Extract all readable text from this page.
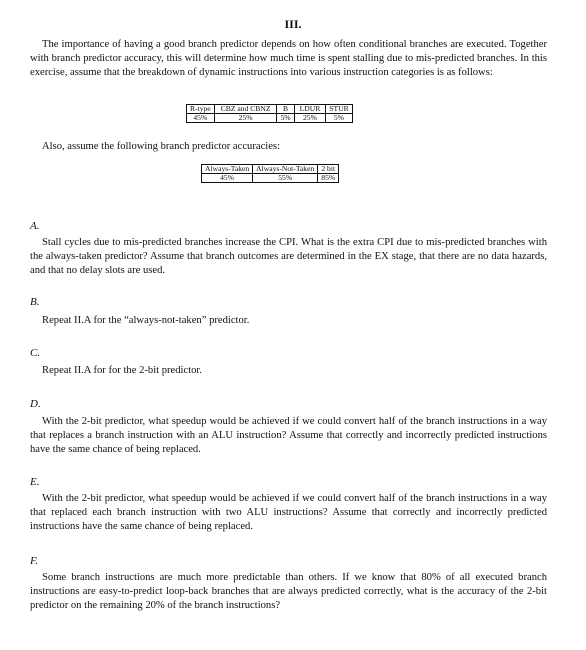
III.
The importance of having a good branch predictor depends on how often conditional branches are executed. Together with branch predictor accuracy, this will determine how much time is spent stalling due to mis-predicted branches. In this exercise, assume that the breakdown of dynamic instructions into various instruction categories is as follows:
R-type	CBZ and CBNZ	B	LDUR	STUR
45%	25%	5%	25%	5%
Also, assume the following branch predictor accuracies:
Always-Taken	Always-Not-Taken	2 bit
45%	55%	85%
A.
Stall cycles due to mis-predicted branches increase the CPI. What is the extra CPI due to mis-predicted branches with the always-taken predictor? Assume that branch outcomes are determined in the EX stage, that there are no data hazards, and that no delay slots are used.
B.
Repeat II.A for the “always-not-taken” predictor.
C.
Repeat II.A for for the 2-bit predictor.
D.
With the 2-bit predictor, what speedup would be achieved if we could convert half of the branch instructions in a way that replaces a branch instruction with an ALU instruction? Assume that correctly and incorrectly predicted instructions have the same chance of being replaced.
E.
With the 2-bit predictor, what speedup would be achieved if we could convert half of the branch instructions in a way that replaced each branch instruction with two ALU instructions? Assume that correctly and incorrectly predicted instructions have the same chance of being replaced.
F.
Some branch instructions are much more predictable than others. If we know that 80% of all executed branch instructions are easy-to-predict loop-back branches that are always predicted correctly, what is the accuracy of the 2-bit predictor on the remaining 20% of the branch instructions?
